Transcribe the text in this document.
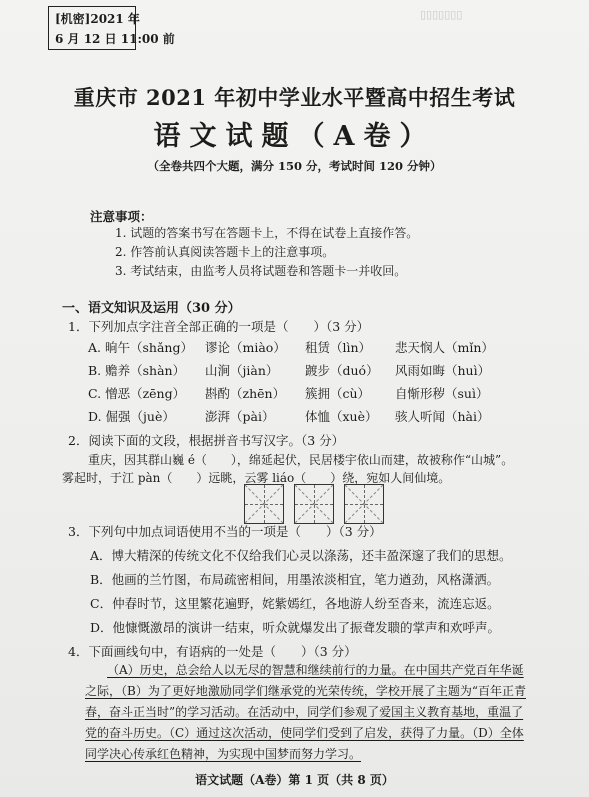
▯▯▯▯▯▯▯
[机密]2021 年
6 月 12 日 11:00 前
重庆市 2021 年初中学业水平暨高中招生考试
语文试题（A卷）
（全卷共四个大题，满分 150 分，考试时间 120 分钟）
注意事项：
1. 试题的答案书写在答题卡上，不得在试卷上直接作答。
2. 作答前认真阅读答题卡上的注意事项。
3. 考试结束，由监考人员将试题卷和答题卡一并收回。
一、语文知识及运用（30 分）
1．下列加点字注音全部正确的一项是（　　）（3 分）
A. 晌午（shǎng） 谬论（miào） 租赁（lìn） 悲天悯人（mǐn）
B. 赡养（shàn） 山涧（jiàn） 踱步（duó） 风雨如晦（huì）
C. 憎恶（zēng） 斟酌（zhēn） 簇拥（cù） 自惭形秽（suì）
D. 倔强（juè） 澎湃（pài） 体恤（xuè） 骇人听闻（hài）
2．阅读下面的文段，根据拼音书写汉字。（3 分）
重庆，因其群山巍 é（　　），绵延起伏，民居楼宇依山而建，故被称作“山城”。
雾起时，于江 pàn（　　）远眺，云雾 liáo（　　）绕，宛如人间仙境。
3．下列句中加点词语使用不当的一项是（　　）（3 分）
A．博大精深的传统文化不仅给我们心灵以涤荡，还丰盈深邃了我们的思想。
B．他画的兰竹图，布局疏密相间，用墨浓淡相宜，笔力遒劲，风格潇洒。
C．仲春时节，这里繁花遍野，姹紫嫣红，各地游人纷至沓来，流连忘返。
D．他慷慨激昂的演讲一结束，听众就爆发出了振聋发聩的掌声和欢呼声。
4．下面画线句中，有语病的一处是（　　）（3 分）
（A）历史，总会给人以无尽的智慧和继续前行的力量。在中国共产党百年华诞
之际，（B）为了更好地激励同学们继承党的光荣传统，学校开展了主题为“百年正青
春，奋斗正当时”的学习活动。在活动中，同学们参观了爱国主义教育基地，重温了
党的奋斗历史。（C）通过这次活动，使同学们受到了启发，获得了力量。（D）全体
同学决心传承红色精神，为实现中国梦而努力学习。
语文试题（A卷）第 1 页（共 8 页）
